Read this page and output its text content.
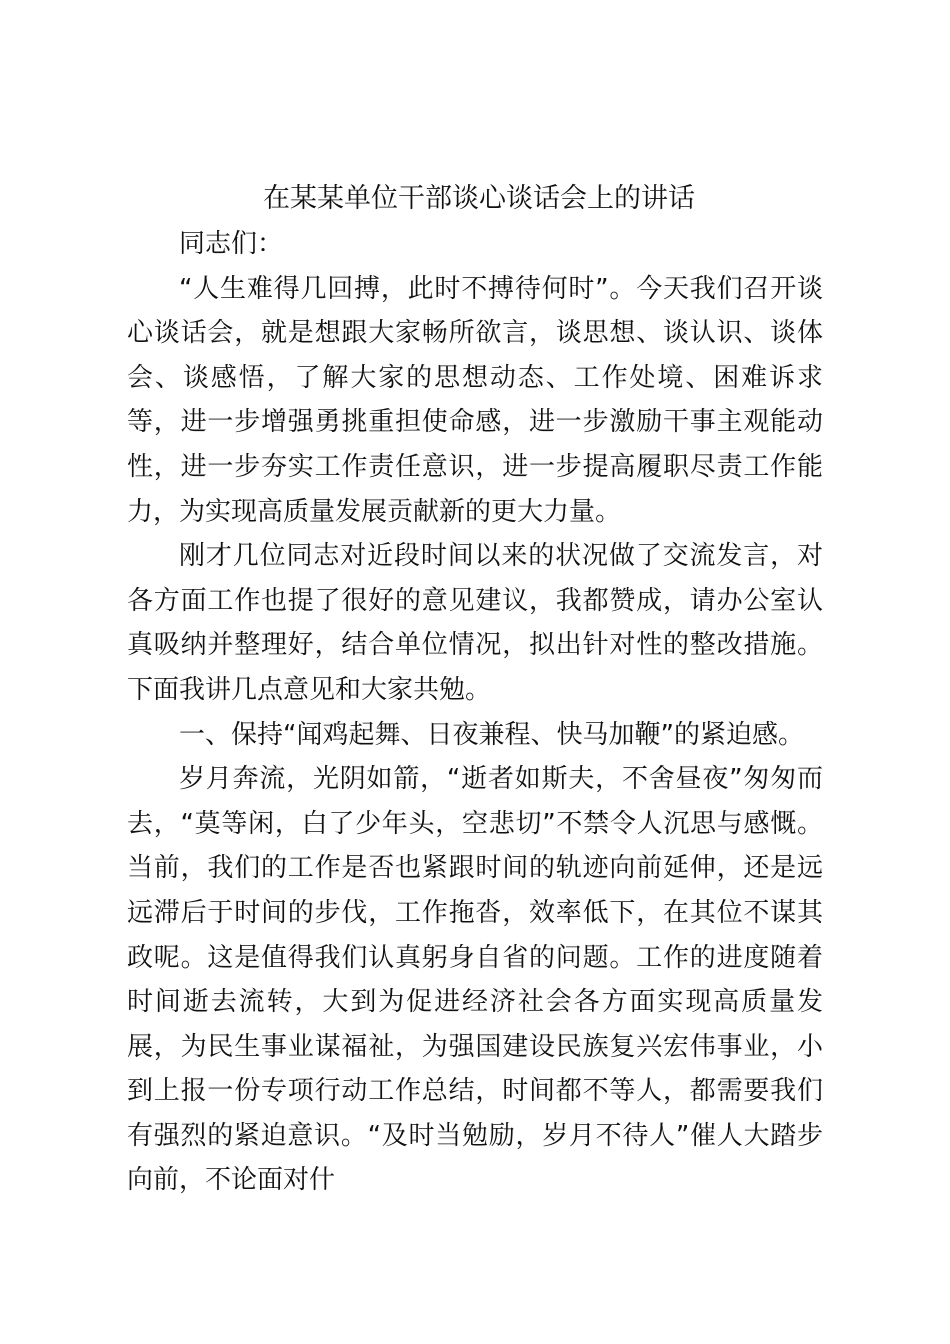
在某某单位干部谈心谈话会上的讲话

同志们：

“人生难得几回搏，此时不搏待何时”。今天我们召开谈心谈话会，就是想跟大家畅所欲言，谈思想、谈认识、谈体会、谈感悟，了解大家的思想动态、工作处境、困难诉求等，进一步增强勇挑重担使命感，进一步激励干事主观能动性，进一步夯实工作责任意识，进一步提高履职尽责工作能力，为实现高质量发展贡献新的更大力量。

刚才几位同志对近段时间以来的状况做了交流发言，对各方面工作也提了很好的意见建议，我都赞成，请办公室认真吸纳并整理好，结合单位情况，拟出针对性的整改措施。下面我讲几点意见和大家共勉。

一、保持“闻鸡起舞、日夜兼程、快马加鞭”的紧迫感。

岁月奔流，光阴如箭，“逝者如斯夫，不舍昼夜”匆匆而去，“莫等闲，白了少年头，空悲切”不禁令人沉思与感慨。当前，我们的工作是否也紧跟时间的轨迹向前延伸，还是远远滞后于时间的步伐，工作拖沓，效率低下，在其位不谋其政呢。这是值得我们认真躬身自省的问题。工作的进度随着时间逝去流转，大到为促进经济社会各方面实现高质量发展，为民生事业谋福祉，为强国建设民族复兴宏伟事业，小到上报一份专项行动工作总结，时间都不等人，都需要我们有强烈的紧迫意识。“及时当勉励，岁月不待人”催人大踏步向前，不论面对什
